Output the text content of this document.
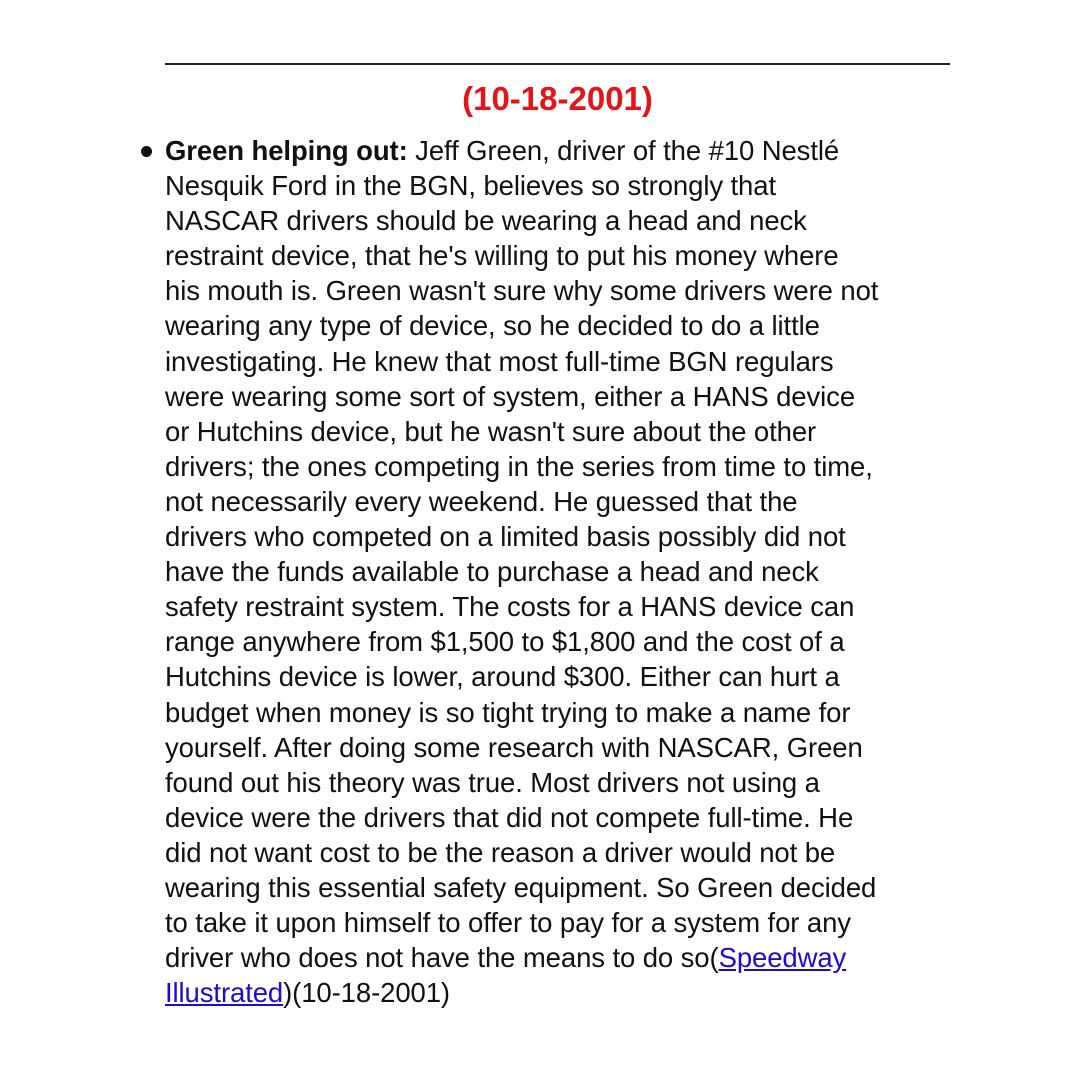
(10-18-2001)
Green helping out: Jeff Green, driver of the #10 Nestlé
Nesquik Ford in the BGN, believes so strongly that
NASCAR drivers should be wearing a head and neck
restraint device, that he's willing to put his money where
his mouth is. Green wasn't sure why some drivers were not
wearing any type of device, so he decided to do a little
investigating. He knew that most full-time BGN regulars
were wearing some sort of system, either a HANS device
or Hutchins device, but he wasn't sure about the other
drivers; the ones competing in the series from time to time,
not necessarily every weekend. He guessed that the
drivers who competed on a limited basis possibly did not
have the funds available to purchase a head and neck
safety restraint system. The costs for a HANS device can
range anywhere from $1,500 to $1,800 and the cost of a
Hutchins device is lower, around $300. Either can hurt a
budget when money is so tight trying to make a name for
yourself. After doing some research with NASCAR, Green
found out his theory was true. Most drivers not using a
device were the drivers that did not compete full-time. He
did not want cost to be the reason a driver would not be
wearing this essential safety equipment. So Green decided
to take it upon himself to offer to pay for a system for any
driver who does not have the means to do so(Speedway
Illustrated)(10-18-2001)
